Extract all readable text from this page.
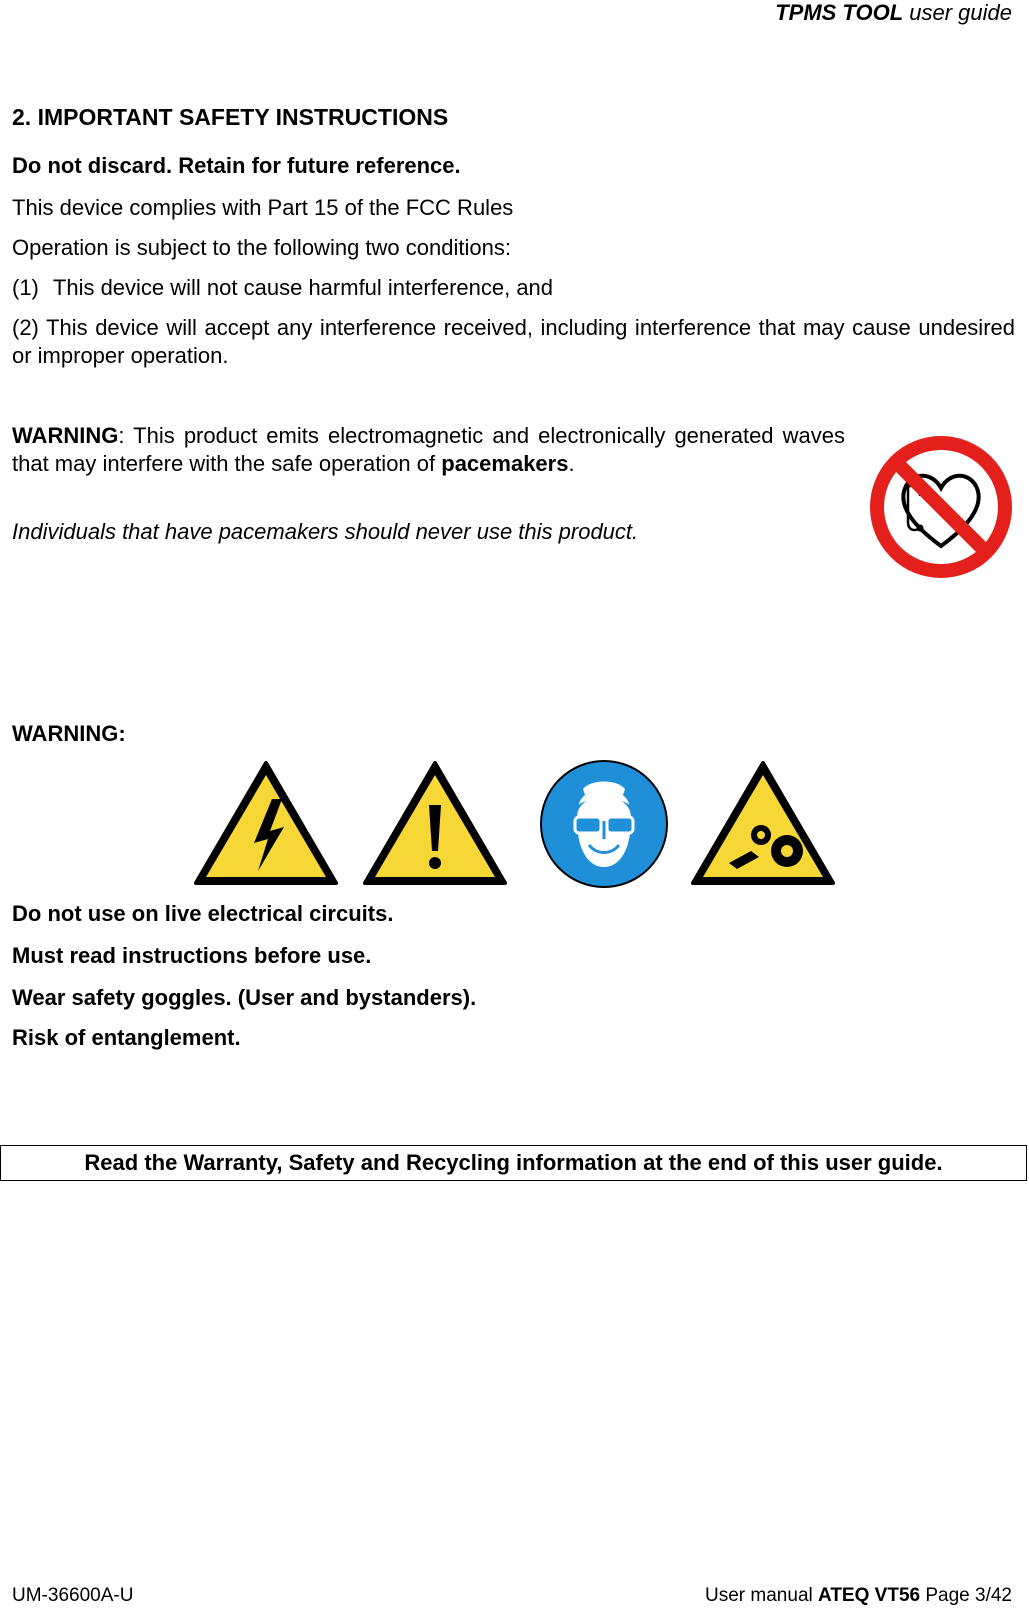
TPMS TOOL user guide
2. IMPORTANT SAFETY INSTRUCTIONS
Do not discard. Retain for future reference.
This device complies with Part 15 of the FCC Rules
Operation is subject to the following two conditions:
(1) This device will not cause harmful interference, and
(2) This device will accept any interference received, including interference that may cause undesired or improper operation.
WARNING: This product emits electromagnetic and electronically generated waves that may interfere with the safe operation of pacemakers.
Individuals that have pacemakers should never use this product.
WARNING:
Do not use on live electrical circuits.
Must read instructions before use.
Wear safety goggles. (User and bystanders).
Risk of entanglement.
Read the Warranty, Safety and Recycling information at the end of this user guide.
UM-36600A-U	User manual ATEQ VT56 Page 3/42
